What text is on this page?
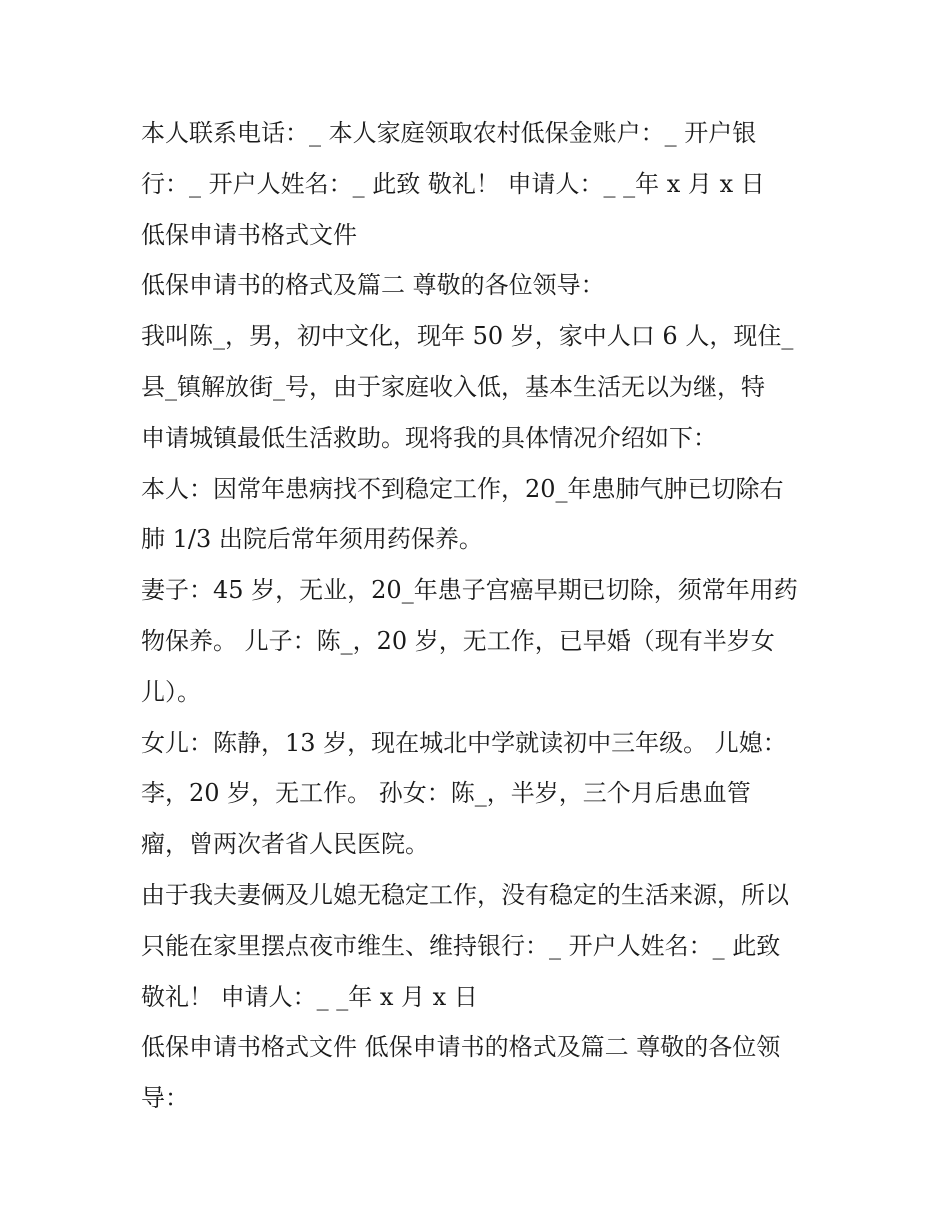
本人联系电话：_ 本人家庭领取农村低保金账户：_ 开户银
行：_ 开户人姓名：_ 此致 敬礼！ 申请人：_ _年 x 月 x 日
低保申请书格式文件
低保申请书的格式及篇二 尊敬的各位领导：
我叫陈_，男，初中文化，现年 50 岁，家中人口 6 人，现住_
县_镇解放街_号，由于家庭收入低，基本生活无以为继，特
申请城镇最低生活救助。现将我的具体情况介绍如下：
本人：因常年患病找不到稳定工作，20_年患肺气肿已切除右
肺 1/3 出院后常年须用药保养。
妻子：45 岁，无业，20_年患子宫癌早期已切除，须常年用药
物保养。 儿子：陈_，20 岁，无工作，已早婚（现有半岁女
儿）。
女儿：陈静，13 岁，现在城北中学就读初中三年级。 儿媳：
李，20 岁，无工作。 孙女：陈_，半岁，三个月后患血管
瘤，曾两次者省人民医院。
由于我夫妻俩及儿媳无稳定工作，没有稳定的生活来源，所以
只能在家里摆点夜市维生、维持银行：_ 开户人姓名：_ 此致
敬礼！ 申请人：_ _年 x 月 x 日
低保申请书格式文件 低保申请书的格式及篇二 尊敬的各位领
导：
